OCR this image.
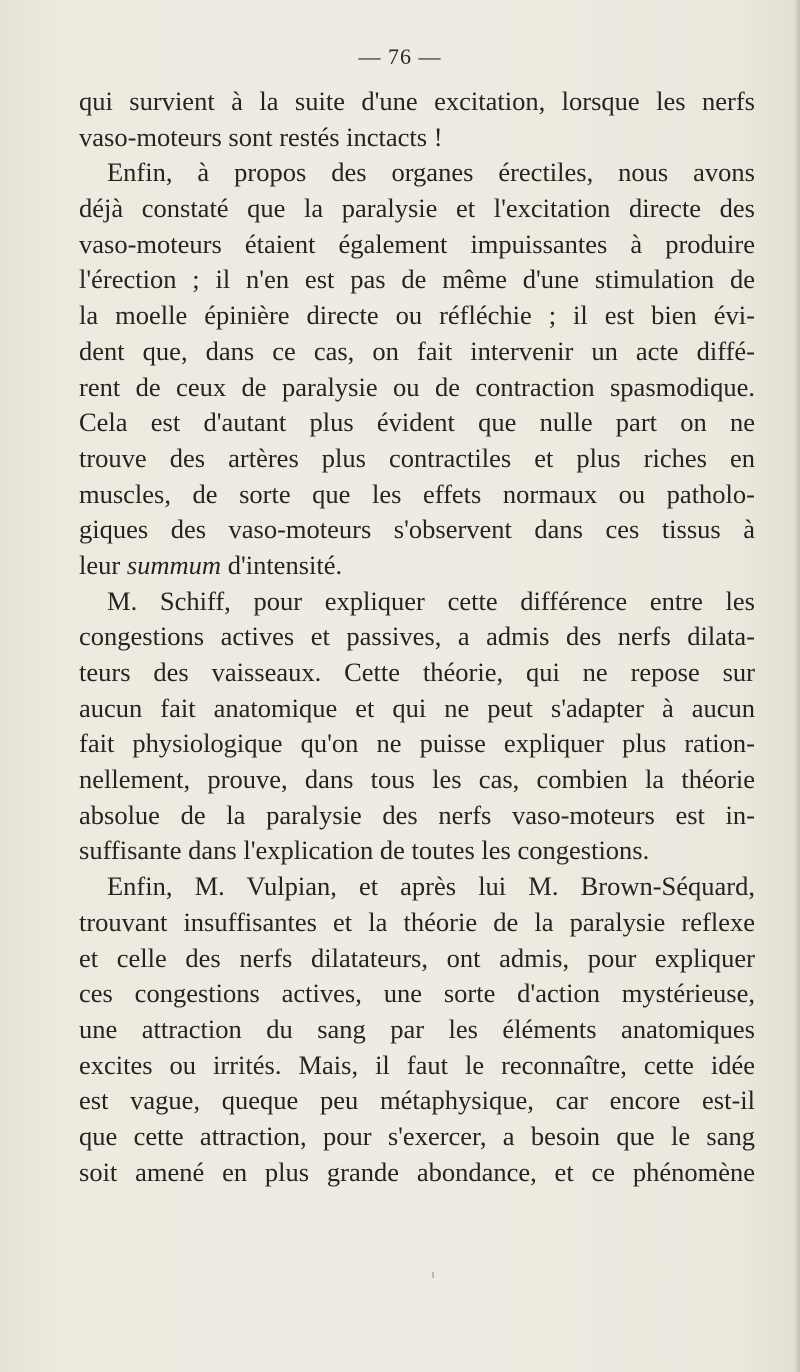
— 76 —
qui survient à la suite d'une excitation, lorsque les nerfs
vaso-moteurs sont restés inctacts !
Enfin, à propos des organes érectiles, nous avons
déjà constaté que la paralysie et l'excitation directe des
vaso-moteurs étaient également impuissantes à produire
l'érection ; il n'en est pas de même d'une stimulation de
la moelle épinière directe ou réfléchie ; il est bien évi-
dent que, dans ce cas, on fait intervenir un acte diffé-
rent de ceux de paralysie ou de contraction spasmodique.
Cela est d'autant plus évident que nulle part on ne
trouve des artères plus contractiles et plus riches en
muscles, de sorte que les effets normaux ou patholo-
giques des vaso-moteurs s'observent dans ces tissus à
leur summum d'intensité.
M. Schiff, pour expliquer cette différence entre les
congestions actives et passives, a admis des nerfs dilata-
teurs des vaisseaux. Cette théorie, qui ne repose sur
aucun fait anatomique et qui ne peut s'adapter à aucun
fait physiologique qu'on ne puisse expliquer plus ration-
nellement, prouve, dans tous les cas, combien la théorie
absolue de la paralysie des nerfs vaso-moteurs est in-
suffisante dans l'explication de toutes les congestions.
Enfin, M. Vulpian, et après lui M. Brown-Séquard,
trouvant insuffisantes et la théorie de la paralysie reflexe
et celle des nerfs dilatateurs, ont admis, pour expliquer
ces congestions actives, une sorte d'action mystérieuse,
une attraction du sang par les éléments anatomiques
excites ou irrités. Mais, il faut le reconnaître, cette idée
est vague, queque peu métaphysique, car encore est-il
que cette attraction, pour s'exercer, a besoin que le sang
soit amené en plus grande abondance, et ce phénomène
